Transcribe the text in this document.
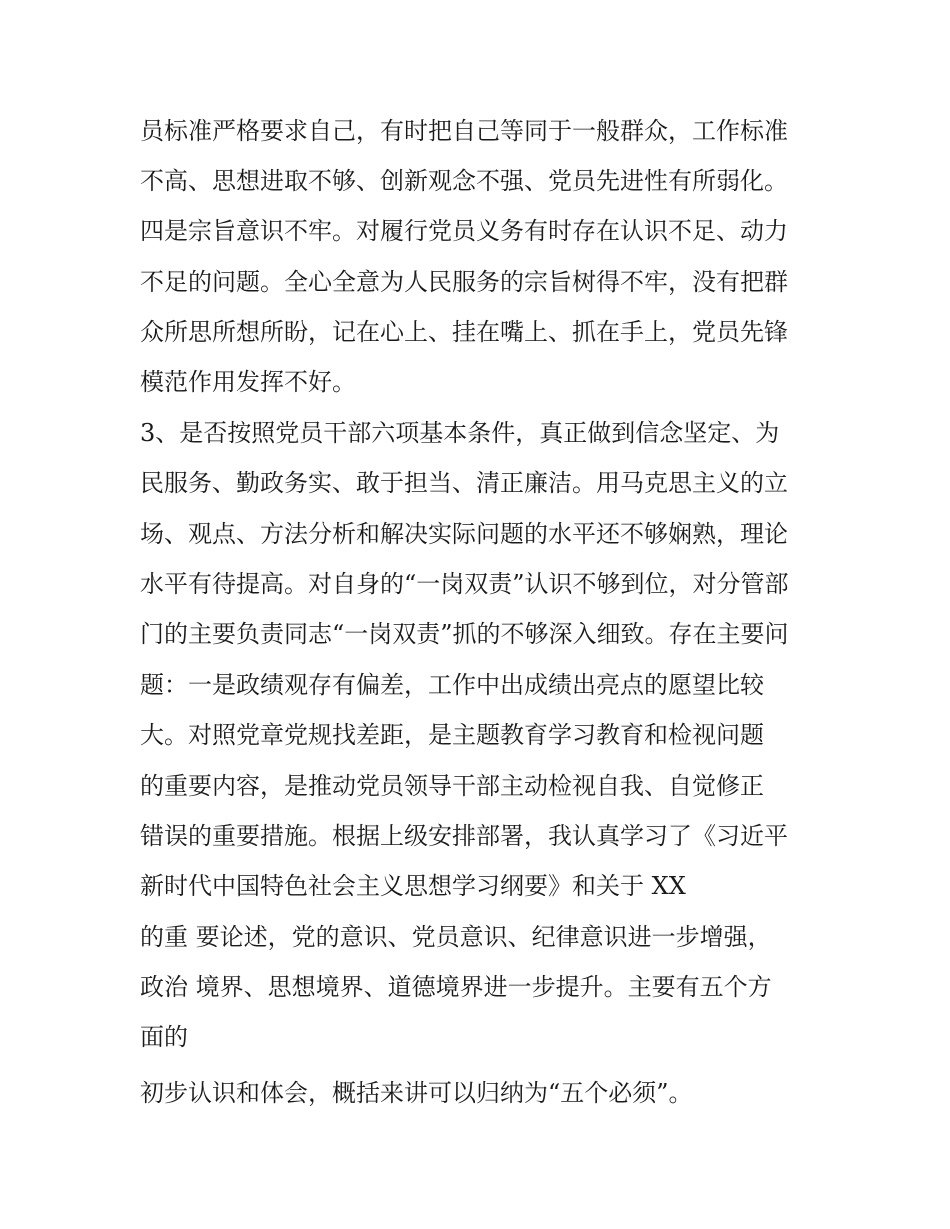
员标准严格要求自己，有时把自己等同于一般群众，工作标准
不高、思想进取不够、创新观念不强、党员先进性有所弱化。
四是宗旨意识不牢。对履行党员义务有时存在认识不足、动力
不足的问题。全心全意为人民服务的宗旨树得不牢，没有把群
众所思所想所盼，记在心上、挂在嘴上、抓在手上，党员先锋
模范作用发挥不好。
3、是否按照党员干部六项基本条件，真正做到信念坚定、为
民服务、勤政务实、敢于担当、清正廉洁。用马克思主义的立
场、观点、方法分析和解决实际问题的水平还不够娴熟，理论
水平有待提高。对自身的“一岗双责”认识不够到位，对分管部
门的主要负责同志“一岗双责”抓的不够深入细致。存在主要问
题：一是政绩观存有偏差，工作中出成绩出亮点的愿望比较
大。对照党章党规找差距，是主题教育学习教育和检视问题
的重要内容，是推动党员领导干部主动检视自我、自觉修正
错误的重要措施。根据上级安排部署，我认真学习了《习近平
新时代中国特色社会主义思想学习纲要》和关于 XX
的重 要论述，党的意识、党员意识、纪律意识进一步增强，
政治 境界、思想境界、道德境界进一步提升。主要有五个方
面的
初步认识和体会，概括来讲可以归纳为“五个必须”。
